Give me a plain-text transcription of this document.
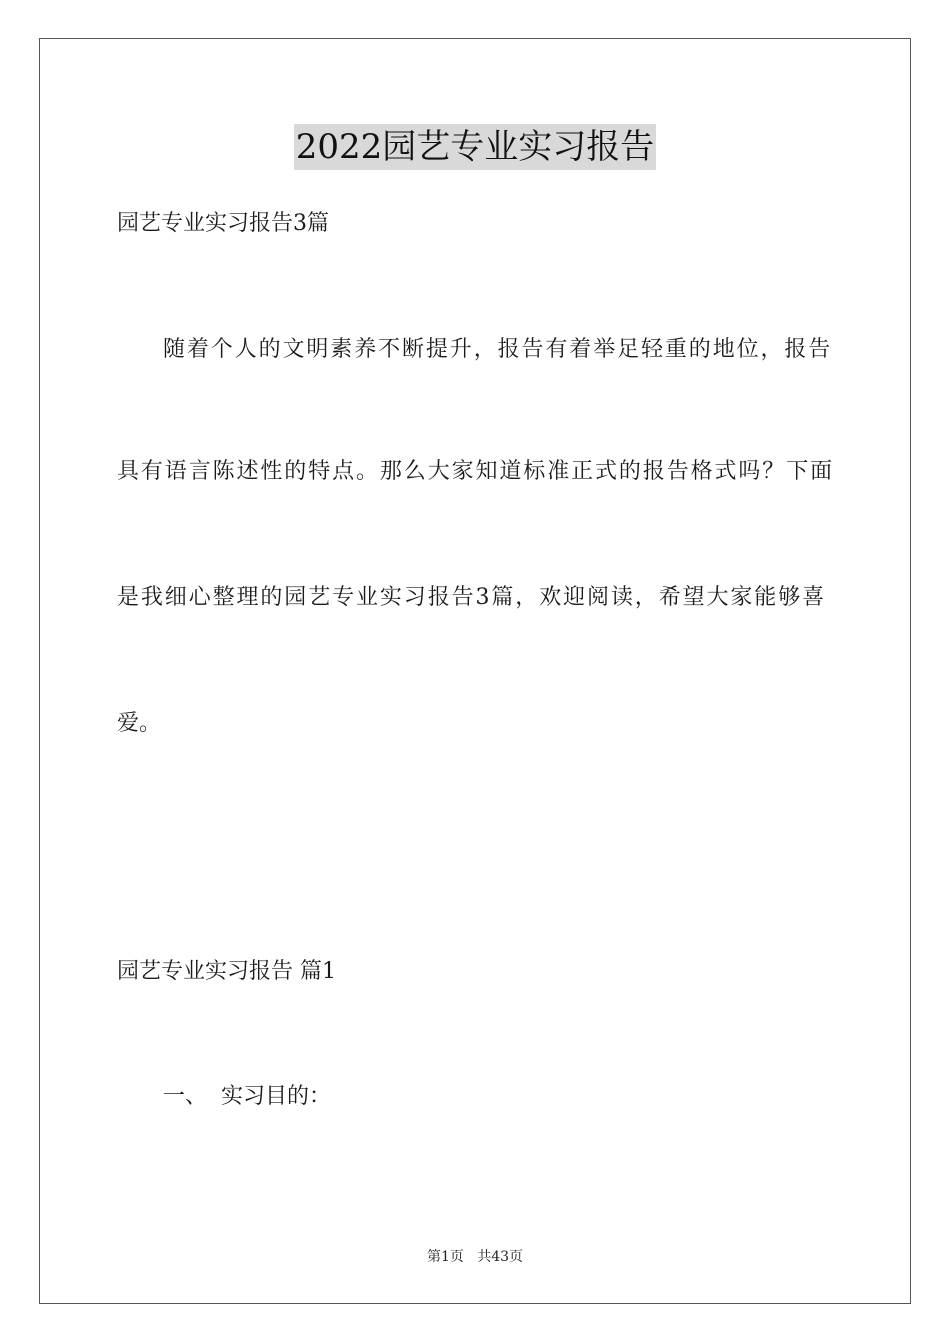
2022园艺专业实习报告
园艺专业实习报告3篇
随着个人的文明素养不断提升，报告有着举足轻重的地位，报告
具有语言陈述性的特点。那么大家知道标准正式的报告格式吗？下面
是我细心整理的园艺专业实习报告3篇，欢迎阅读，希望大家能够喜
爱。
园艺专业实习报告 篇1
一、  实习目的：
第1页   共43页
